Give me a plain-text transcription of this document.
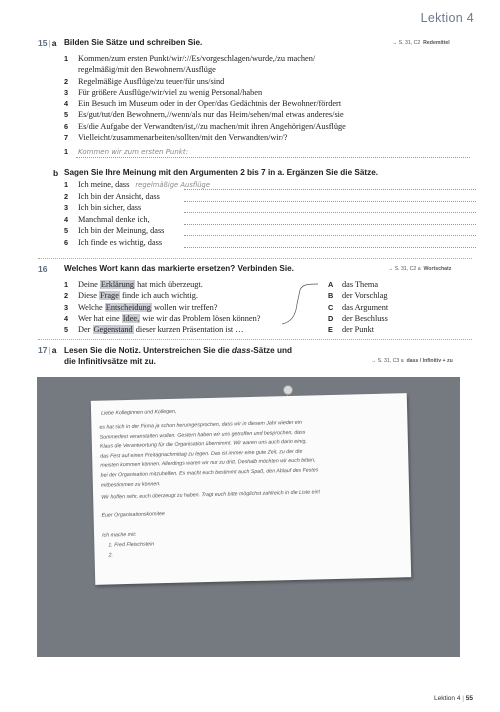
Lektion 4
15|a Bilden Sie Sätze und schreiben Sie.	→ S. 31, C2 Redemittel
1 Kommen/zum ersten Punkt/wir/://Es/vorgeschlagen/wurde,/zu machen/
regelmäßig/mit den Bewohnern/Ausflüge
2 Regelmäßige Ausflüge/zu teuer/für uns/sind
3 Für größere Ausflüge/wir/viel zu wenig Personal/haben
4 Ein Besuch im Museum oder in der Oper/das Gedächtnis der Bewohner/fördert
5 Es/gut/tut/den Bewohnern,//wenn/als nur das Heim/sehen/mal etwas anderes/sie
6 Es/die Aufgabe der Verwandten/ist,//zu machen/mit ihren Angehörigen/Ausflüge
7 Vielleicht/zusammenarbeiten/sollten/mit den Verwandten/wir/?
1 Kommen wir zum ersten Punkt:
b Sagen Sie Ihre Meinung mit den Argumenten 2 bis 7 in a. Ergänzen Sie die Sätze.
1 Ich meine, dass regelmäßige Ausflüge
2 Ich bin der Ansicht, dass
3 Ich bin sicher, dass
4 Manchmal denke ich,
5 Ich bin der Meinung, dass
6 Ich finde es wichtig, dass
16 Welches Wort kann das markierte ersetzen? Verbinden Sie.	→ S. 31, C2 a Wortschatz
1 Deine Erklärung hat mich überzeugt.
2 Diese Frage finde ich auch wichtig.
3 Welche Entscheidung wollen wir treffen?
4 Wer hat eine Idee, wie wir das Problem lösen können?
5 Der Gegenstand dieser kurzen Präsentation ist …
A das Thema
B der Vorschlag
C das Argument
D der Beschluss
E der Punkt
17|a Lesen Sie die Notiz. Unterstreichen Sie die dass-Sätze und
die Infinitivsätze mit zu.	→ S. 31, C3 a dass / Infinitiv + zu
Liebe Kolleginnen und Kollegen,
es hat sich in der Firma ja schon herumgesprochen, dass wir in diesem Jahr wieder ein
Sommerfest veranstalten wollen. Gestern haben wir uns getroffen und besprochen, dass
Klaus die Verantwortung für die Organisation übernimmt. Wir waren uns auch darin einig,
das Fest auf einen Freitagnachmittag zu legen. Das ist immer eine gute Zeit, zu der die
meisten kommen können. Allerdings waren wir nur zu dritt. Deshalb möchten wir euch bitten,
bei der Organisation mitzuhelfen. Es macht euch bestimmt auch Spaß, den Ablauf des Festes
mitbestimmen zu können.
Wir hoffen sehr, euch überzeugt zu haben. Tragt euch bitte möglichst zahlreich in die Liste ein!
Euer Organisationskomitee
Ich mache mit:
1. Fred Fleischstein
2.
Lektion 4 | 55
